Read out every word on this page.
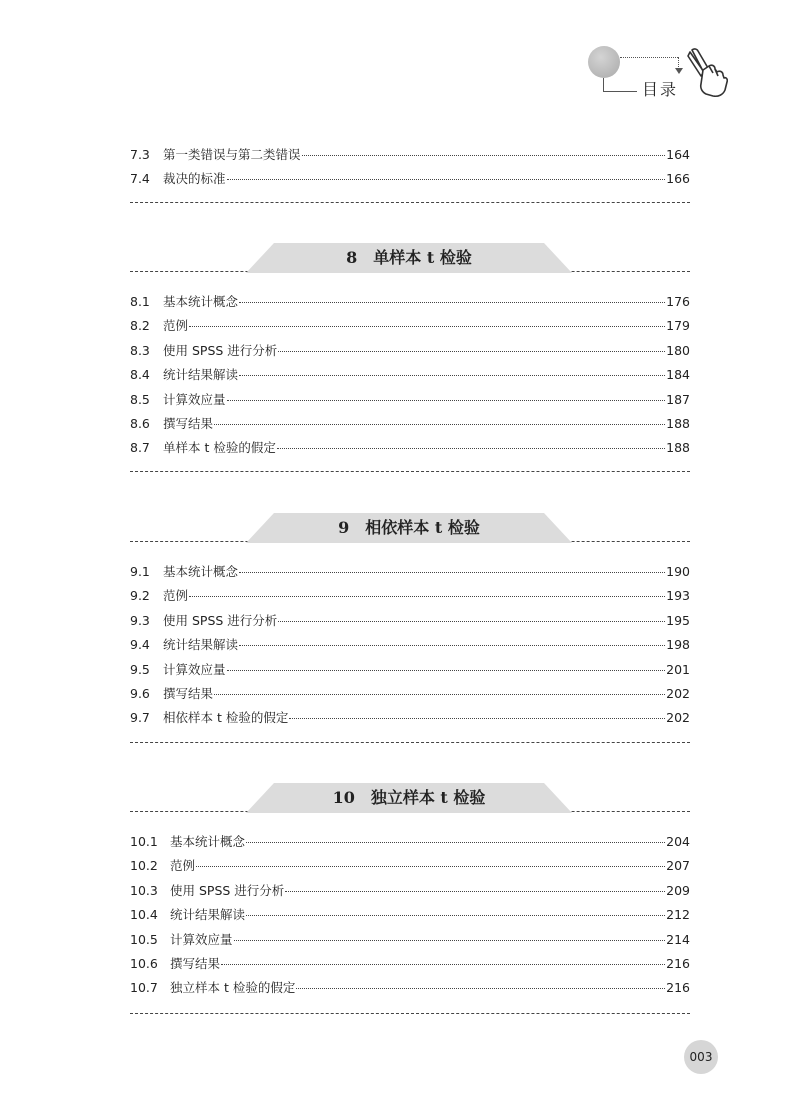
目录
7.3	第一类错误与第二类错误	164
7.4	裁决的标准	166
8 单样本 t 检验
8.1	基本统计概念	176
8.2	范例	179
8.3	使用 SPSS 进行分析	180
8.4	统计结果解读	184
8.5	计算效应量	187
8.6	撰写结果	188
8.7	单样本 t 检验的假定	188
9 相依样本 t 检验
9.1	基本统计概念	190
9.2	范例	193
9.3	使用 SPSS 进行分析	195
9.4	统计结果解读	198
9.5	计算效应量	201
9.6	撰写结果	202
9.7	相依样本 t 检验的假定	202
10 独立样本 t 检验
10.1 基本统计概念	204
10.2 范例	207
10.3 使用 SPSS 进行分析	209
10.4 统计结果解读	212
10.5 计算效应量	214
10.6 撰写结果	216
10.7 独立样本 t 检验的假定	216
003
